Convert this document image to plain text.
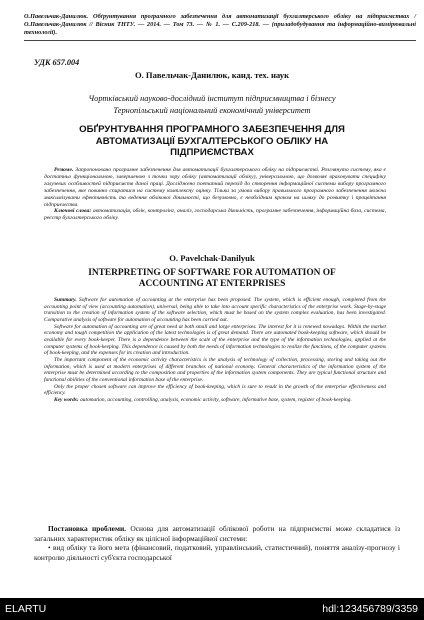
О.Павельчак-Данилюк. Обґрунтування програмного забезпечення для автоматизації бухгалтерського обліку на підприємствах / О.Павельчак-Данилюк // Вісник ТНТУ. — 2014. — Том 73. — № 1. — С.209-218. — (приладобудування та інформаційно-вимірювальні технології).
УДК 657.004
О. Павельчак-Данилюк, канд. тех. наук
Чортківський науково-дослідний інститут підприємництва і бізнесу
Тернопільський національний економічний університет
ОБҐРУНТУВАННЯ ПРОГРАМНОГО ЗАБЕЗПЕЧЕННЯ ДЛЯ
АВТОМАТИЗАЦІЇ БУХГАЛТЕРСЬКОГО ОБЛІКУ НА
ПІДПРИЄМСТВАХ

Резюме. Запропоновано програмне забезпечення для автоматизації бухгалтерського обліку на підприємстві. Розглянуто систему, яка є достатньо функціональною, завершеною з точки зору обліку (автоматизації обліку), універсальною, що дозволяє враховувати специфіку галузевих особливостей підприємств даної праці. Досліджено поетапний перехід до створення інформаційної системи вибору програмного забезпечення, яке повинно спиратися на систему комплексну оцінку. Тільки за умови вибору правильного програмного забезпечення можна максимізувати ефективність та ведення обліковоі діяльності, що безумовно, є необхідним кроком на шляху до розвитку і процвітання підприємства.

Ключові слова: автоматизація, облік, контролінг, аналіз, господарська діяльність, програмне забезпечення, інформаційна база, система, реєстр бухгалтерського обліку.

O. Pavelchak-Danilyuk
INTERPRETING OF SOFTWARE FOR AUTOMATION OF
ACCOUNTING AT ENTERPRISES

Summary. Software for automation of accounting at the enterprise has been proposed. The system, which is efficient enough, completed from the accounting point of view (accounting automation), universal, being able to take into account specific characteristics of the enterprise work. Stage-by-stage transition to the creation of information system of the software selection, which must be based on the system complex evaluation, has been investigated. Comparative analysis of software for automation of accounting has been carried out.

Software for automation of accounting are of great need at both small and large enterprises. The interest for it is renewed nowadays. Within the market economy and tough competition the application of the latest technologies is of great demand. There are automated book-keeping software, which should be available for every book-keeper. There is a dependence between the scale of the enterprise and the type of the information technologies, applied at the computer systems of book-keeping. This dependence is caused by both the needs of information technologies to realize the functions, of the computer systems of book-keeping, and the expenses for its creation and introduction.

The important component of the economic activity characteristics is the analysis of technology of collection, processing, storing and taking out the information, which is used at modern enterprises of different branches of national economy. General characteristics of the information system of the enterprise must be determined according to the composition and properties of the information system components. They are typical functional structure and functional abilities of the conventional information base of the enterprise.

Only the proper chosen software can improve the efficiency of book-keeping, which is sure to result in the growth of the enterprise effectiveness and efficiency.

Key words: automation, accounting, controlling, analysis, economic activity, software, informative base, system, register of book-keeping.

Постановка проблеми. Основа для автоматизації облікової роботи на підприємстві може складатися із загальних характеристик обліку як цілісної інформаційної системи:

• вид обліку та його мета (фінансовий, податковий, управлінський, статистичний), поняття аналізу-прогнозу і контролю діяльності суб'єкта господарської

ELARTU	hdl:123456789/3359
